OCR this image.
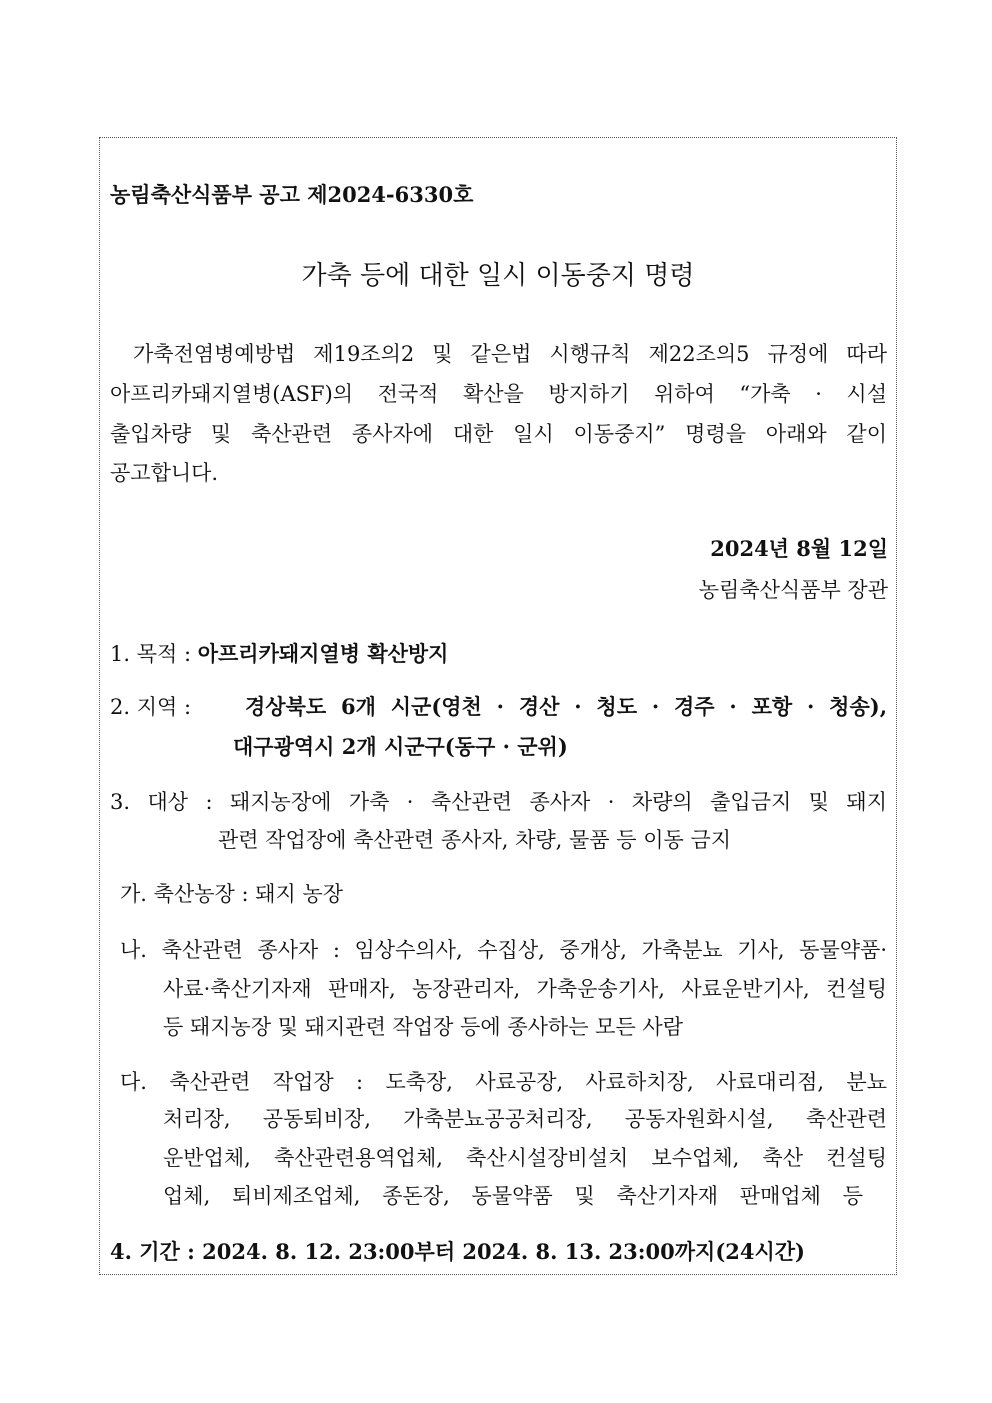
농림축산식품부 공고 제2024-6330호
가축 등에 대한 일시 이동중지 명령
가축전염병예방법 제19조의2 및 같은법 시행규칙 제22조의5 규정에 따라
아프리카돼지열병(ASF)의 전국적 확산을 방지하기 위하여 “가축 · 시설
출입차량 및 축산관련 종사자에 대한 일시 이동중지” 명령을 아래와 같이
공고합니다.
2024년 8월 12일
농림축산식품부 장관
1. 목적 : 아프리카돼지열병 확산방지
2. 지역 :	경상북도 6개 시군(영천 · 경산 · 청도 · 경주 · 포항 · 청송),
대구광역시 2개 시군구(동구 · 군위)
3. 대상 : 돼지농장에 가축 · 축산관련 종사자 · 차량의 출입금지 및 돼지
관련 작업장에 축산관련 종사자, 차량, 물품 등 이동 금지
가. 축산농장 : 돼지 농장
나. 축산관련 종사자 : 임상수의사, 수집상, 중개상, 가축분뇨 기사, 동물약품·
사료·축산기자재 판매자, 농장관리자, 가축운송기사, 사료운반기사, 컨설팅
등 돼지농장 및 돼지관련 작업장 등에 종사하는 모든 사람
다. 축산관련 작업장 : 도축장, 사료공장, 사료하치장, 사료대리점, 분뇨
처리장, 공동퇴비장, 가축분뇨공공처리장, 공동자원화시설, 축산관련
운반업체, 축산관련용역업체, 축산시설장비설치 보수업체, 축산 컨설팅
업체, 퇴비제조업체, 종돈장, 동물약품 및 축산기자재 판매업체 등
4. 기간 : 2024. 8. 12. 23:00부터 2024. 8. 13. 23:00까지(24시간)
